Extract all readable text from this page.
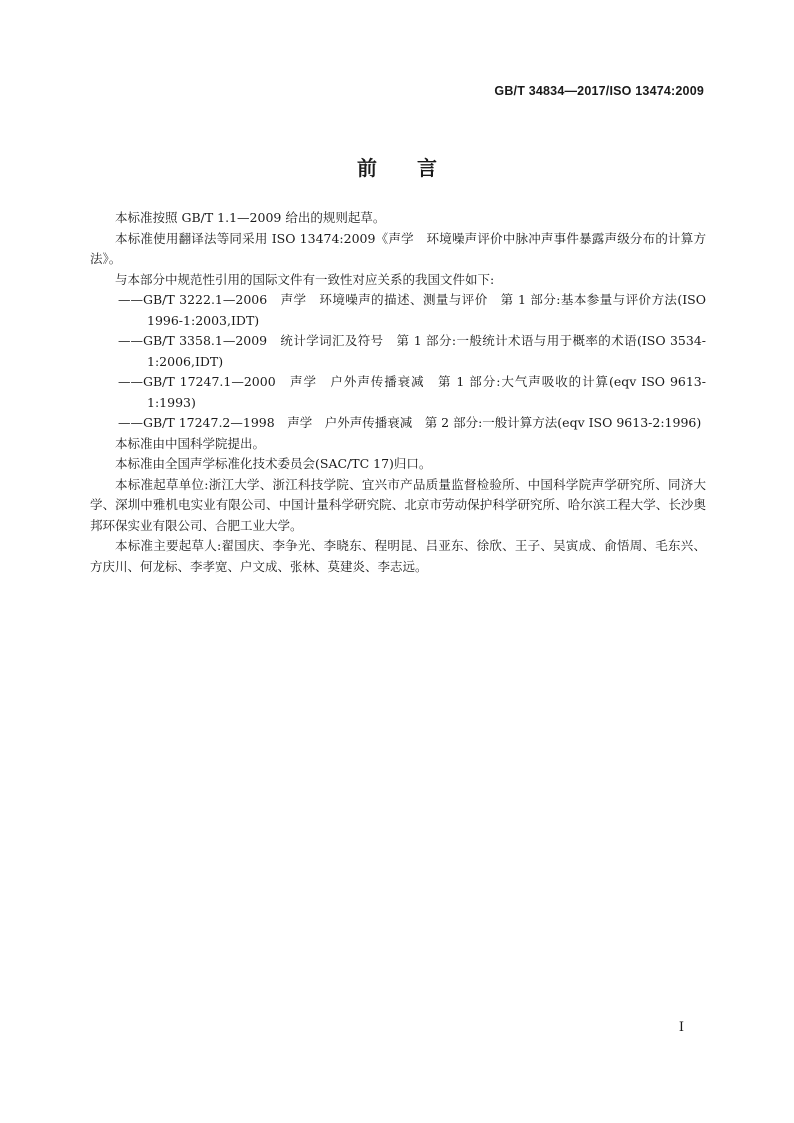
GB/T 34834—2017/ISO 13474:2009
前言

本标准按照 GB/T 1.1—2009 给出的规则起草。

本标准使用翻译法等同采用 ISO 13474:2009《声学　环境噪声评价中脉冲声事件暴露声级分布的计算方法》。

与本部分中规范性引用的国际文件有一致性对应关系的我国文件如下:

——GB/T 3222.1—2006　声学　环境噪声的描述、测量与评价　第 1 部分:基本参量与评价方法(ISO 1996-1:2003,IDT)

——GB/T 3358.1—2009　统计学词汇及符号　第 1 部分:一般统计术语与用于概率的术语(ISO 3534-1:2006,IDT)

——GB/T 17247.1—2000　声学　户外声传播衰减　第 1 部分:大气声吸收的计算(eqv ISO 9613-1:1993)

——GB/T 17247.2—1998　声学　户外声传播衰减　第 2 部分:一般计算方法(eqv ISO 9613-2:1996)

本标准由中国科学院提出。

本标准由全国声学标准化技术委员会(SAC/TC 17)归口。

本标准起草单位:浙江大学、浙江科技学院、宜兴市产品质量监督检验所、中国科学院声学研究所、同济大学、深圳中雅机电实业有限公司、中国计量科学研究院、北京市劳动保护科学研究所、哈尔滨工程大学、长沙奥邦环保实业有限公司、合肥工业大学。

本标准主要起草人:翟国庆、李争光、李晓东、程明昆、吕亚东、徐欣、王子、吴寅成、俞悟周、毛东兴、方庆川、何龙标、李孝宽、户文成、张林、莫建炎、李志远。

I
